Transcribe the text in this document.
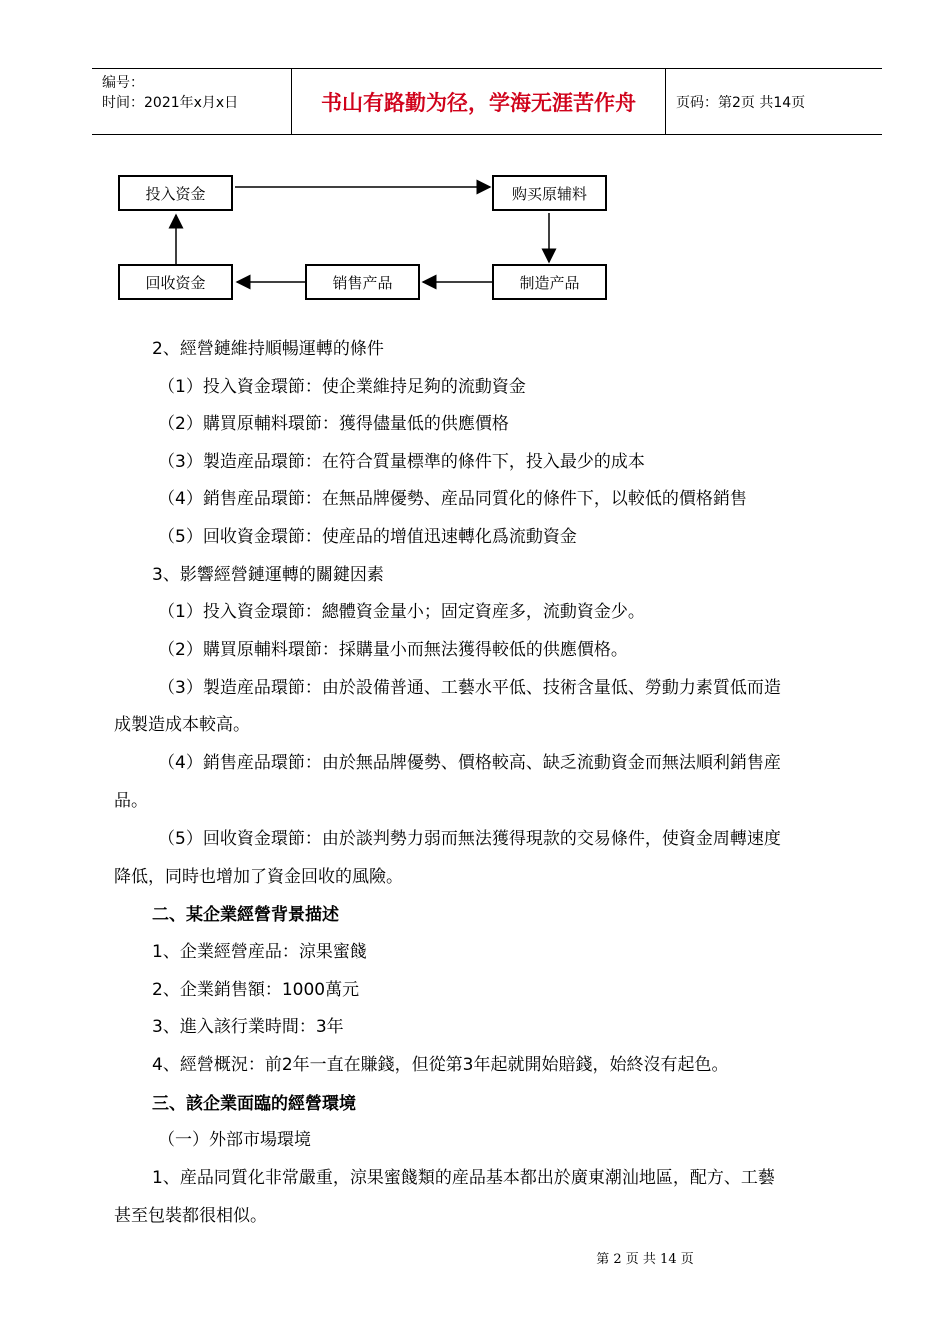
编号：
时间：2021年x月x日	书山有路勤为径，学海无涯苦作舟	页码：第2页 共14页
投入资金	购买原辅料
制造产品
销售产品
回收资金
2、經營鏈維持順暢運轉的條件
（1）投入資金環節：使企業維持足夠的流動資金
（2）購買原輔料環節：獲得儘量低的供應價格
（3）製造産品環節：在符合質量標準的條件下，投入最少的成本
（4）銷售産品環節：在無品牌優勢、産品同質化的條件下，以較低的價格銷售
（5）回收資金環節：使産品的增值迅速轉化爲流動資金
3、影響經營鏈運轉的關鍵因素
（1）投入資金環節：總體資金量小；固定資産多，流動資金少。
（2）購買原輔料環節：採購量小而無法獲得較低的供應價格。
（3）製造産品環節：由於設備普通、工藝水平低、技術含量低、勞動力素質低而造
成製造成本較高。
（4）銷售産品環節：由於無品牌優勢、價格較高、缺乏流動資金而無法順利銷售産
品。
（5）回收資金環節：由於談判勢力弱而無法獲得現款的交易條件，使資金周轉速度
降低，同時也增加了資金回收的風險。
二、某企業經營背景描述
1、企業經營産品：涼果蜜餞
2、企業銷售額：1000萬元
3、進入該行業時間：3年
4、經營概況：前2年一直在賺錢，但從第3年起就開始賠錢，始終沒有起色。
三、該企業面臨的經營環境
（一）外部市場環境
1、産品同質化非常嚴重，涼果蜜餞類的産品基本都出於廣東潮汕地區，配方、工藝
甚至包裝都很相似。
第 2 页 共 14 页
